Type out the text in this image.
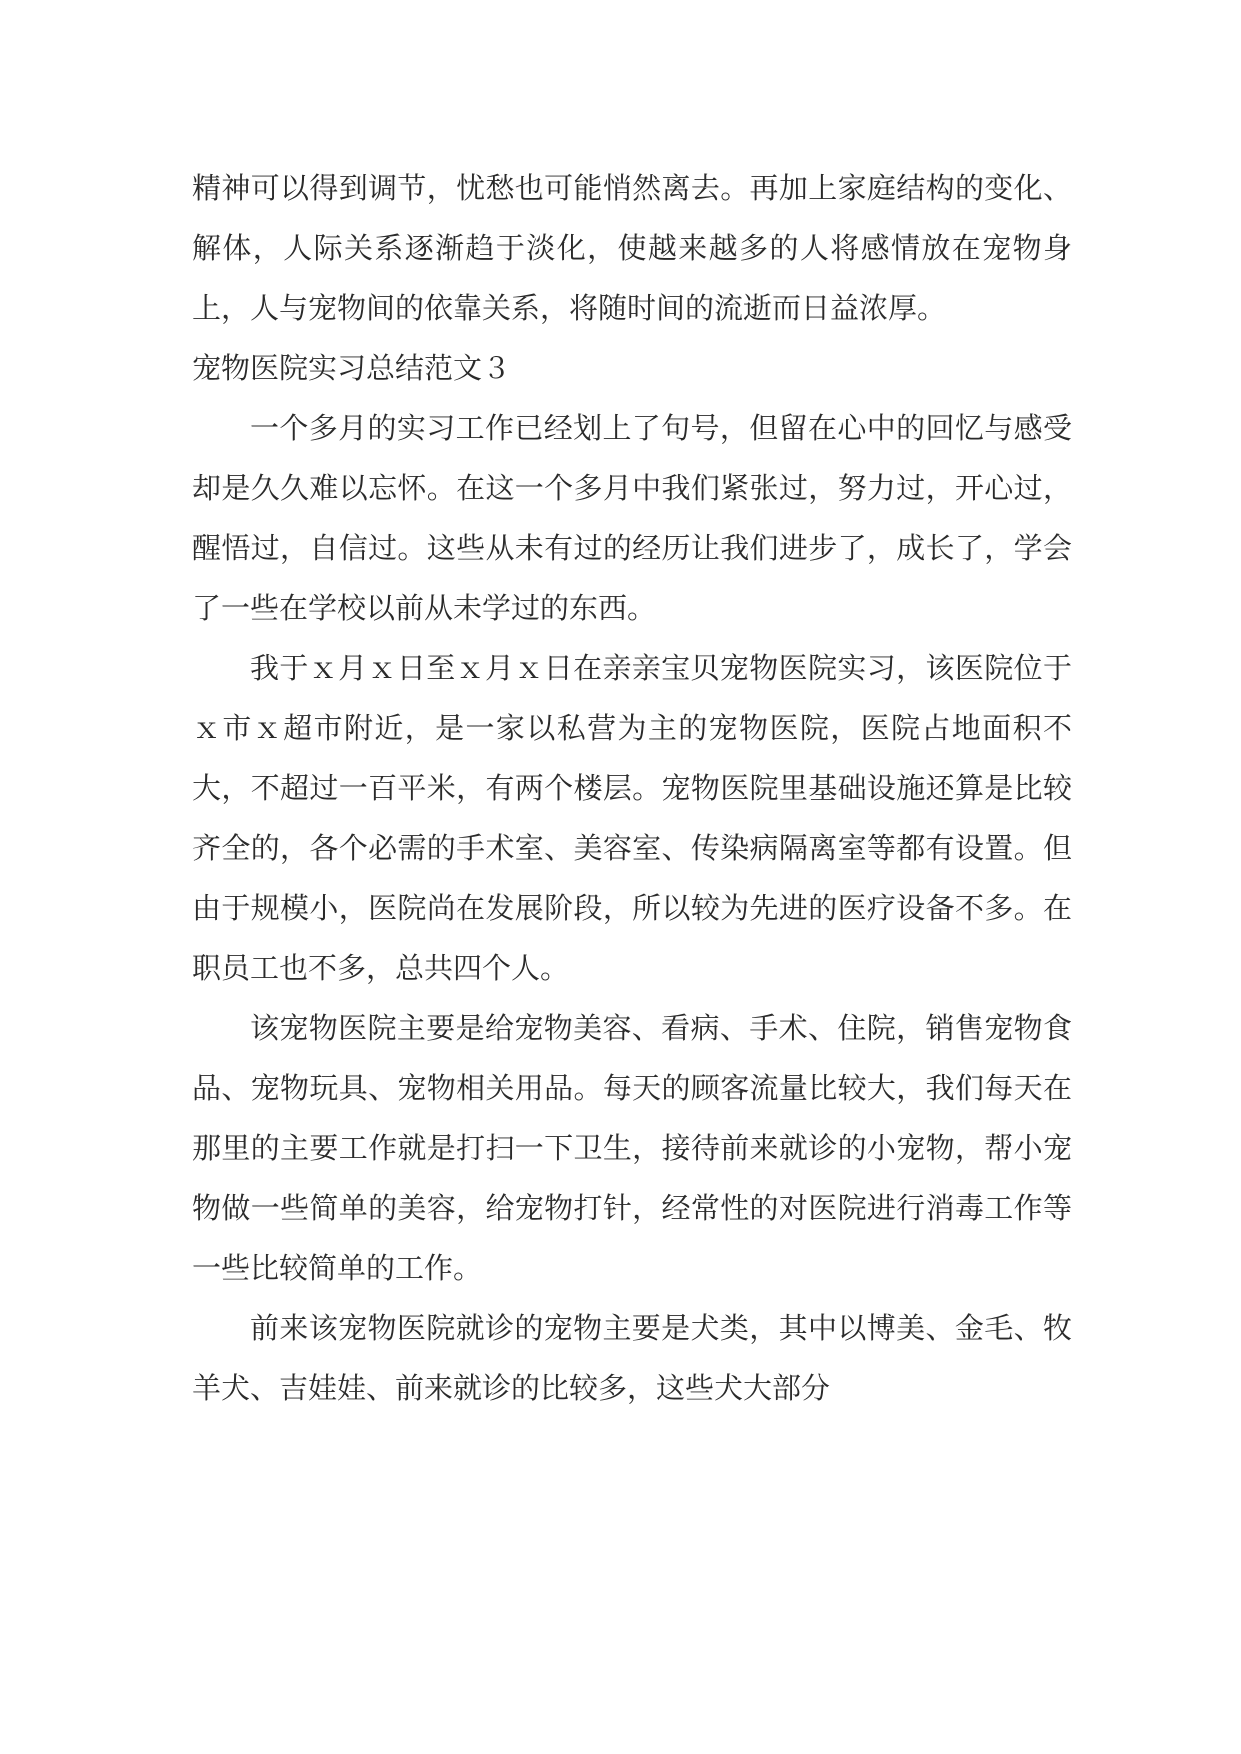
精神可以得到调节，忧愁也可能悄然离去。再加上家庭结构的变化、解体，人际关系逐渐趋于淡化，使越来越多的人将感情放在宠物身上，人与宠物间的依靠关系，将随时间的流逝而日益浓厚。

宠物医院实习总结范文３

一个多月的实习工作已经划上了句号，但留在心中的回忆与感受却是久久难以忘怀。在这一个多月中我们紧张过，努力过，开心过，醒悟过，自信过。这些从未有过的经历让我们进步了，成长了，学会了一些在学校以前从未学过的东西。

我于ｘ月ｘ日至ｘ月ｘ日在亲亲宝贝宠物医院实习，该医院位于ｘ市ｘ超市附近，是一家以私营为主的宠物医院，医院占地面积不大，不超过一百平米，有两个楼层。宠物医院里基础设施还算是比较齐全的，各个必需的手术室、美容室、传染病隔离室等都有设置。但由于规模小，医院尚在发展阶段，所以较为先进的医疗设备不多。在职员工也不多，总共四个人。

该宠物医院主要是给宠物美容、看病、手术、住院，销售宠物食品、宠物玩具、宠物相关用品。每天的顾客流量比较大，我们每天在那里的主要工作就是打扫一下卫生，接待前来就诊的小宠物，帮小宠物做一些简单的美容，给宠物打针，经常性的对医院进行消毒工作等一些比较简单的工作。

前来该宠物医院就诊的宠物主要是犬类，其中以博美、金毛、牧羊犬、吉娃娃、前来就诊的比较多，这些犬大部分
